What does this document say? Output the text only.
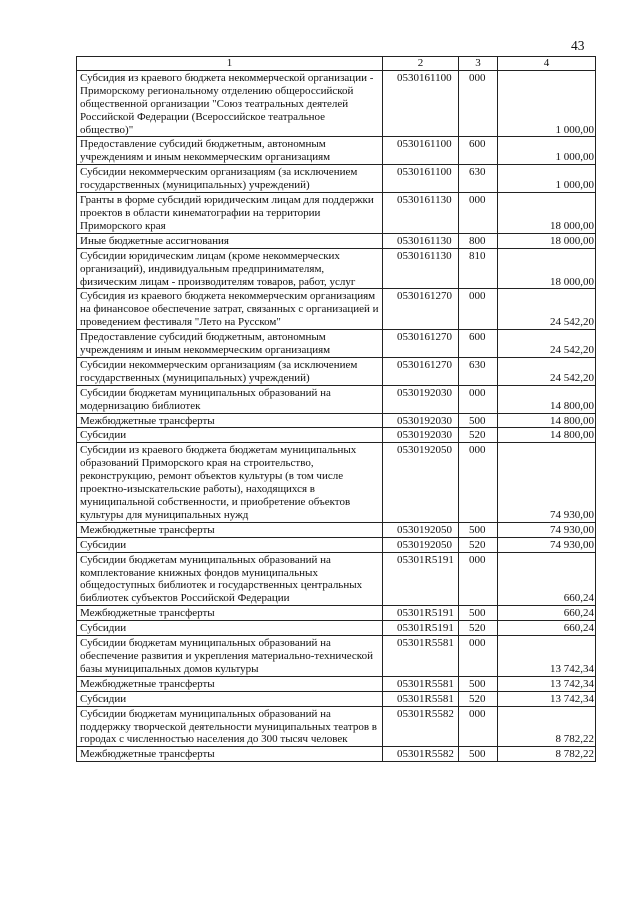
43
1	2	3	4
Субсидия из краевого бюджета некоммерческой организации - Приморскому региональному отделению общероссийской общественной организации "Союз театральных деятелей Российской Федерации (Всероссийское театральное общество)"	0530161100	000	1 000,00
Предоставление субсидий бюджетным, автономным учреждениям и иным некоммерческим организациям	0530161100	600	1 000,00
Субсидии некоммерческим организациям (за исключением государственных (муниципальных) учреждений)	0530161100	630	1 000,00
Гранты в форме субсидий юридическим лицам для поддержки проектов в области кинематографии на территории Приморского края	0530161130	000	18 000,00
Иные бюджетные ассигнования	0530161130	800	18 000,00
Субсидии юридическим лицам (кроме некоммерческих организаций), индивидуальным предпринимателям, физическим лицам - производителям товаров, работ, услуг	0530161130	810	18 000,00
Субсидия из краевого бюджета некоммерческим организациям на финансовое обеспечение затрат, связанных с организацией и проведением фестиваля "Лето на Русском"	0530161270	000	24 542,20
Предоставление субсидий бюджетным, автономным учреждениям и иным некоммерческим организациям	0530161270	600	24 542,20
Субсидии некоммерческим организациям (за исключением государственных (муниципальных) учреждений)	0530161270	630	24 542,20
Субсидии бюджетам муниципальных образований на модернизацию библиотек	0530192030	000	14 800,00
Межбюджетные трансферты	0530192030	500	14 800,00
Субсидии	0530192030	520	14 800,00
Субсидии из краевого бюджета бюджетам муниципальных образований Приморского края на строительство, реконструкцию, ремонт объектов культуры (в том числе проектно-изыскательские работы), находящихся в муниципальной собственности, и приобретение объектов культуры для муниципальных нужд	0530192050	000	74 930,00
Межбюджетные трансферты	0530192050	500	74 930,00
Субсидии	0530192050	520	74 930,00
Субсидии бюджетам муниципальных образований на комплектование книжных фондов муниципальных общедоступных библиотек и государственных центральных библиотек субъектов Российской Федерации	05301R5191	000	660,24
Межбюджетные трансферты	05301R5191	500	660,24
Субсидии	05301R5191	520	660,24
Субсидии бюджетам муниципальных образований на обеспечение развития и укрепления материально-технической базы муниципальных домов культуры	05301R5581	000	13 742,34
Межбюджетные трансферты	05301R5581	500	13 742,34
Субсидии	05301R5581	520	13 742,34
Субсидии бюджетам муниципальных образований на поддержку творческой деятельности муниципальных театров в городах с численностью населения до 300 тысяч человек	05301R5582	000	8 782,22
Межбюджетные трансферты	05301R5582	500	8 782,22
